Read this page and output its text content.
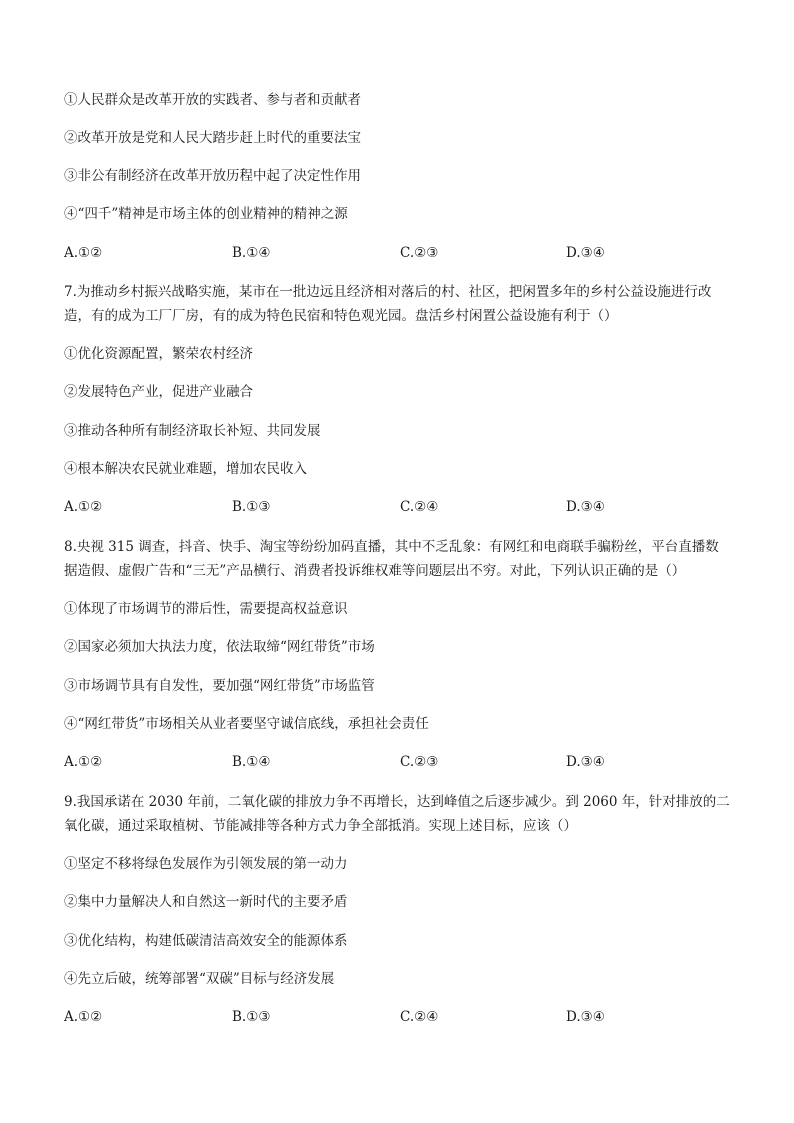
①人民群众是改革开放的实践者、参与者和贡献者
②改革开放是党和人民大踏步赶上时代的重要法宝
③非公有制经济在改革开放历程中起了决定性作用
④“四千”精神是市场主体的创业精神的精神之源
A.①②	B.①④	C.②③	D.③④
7.为推动乡村振兴战略实施，某市在一批边远且经济相对落后的村、社区，把闲置多年的乡村公益设施进行改
造，有的成为工厂厂房，有的成为特色民宿和特色观光园。盘活乡村闲置公益设施有利于（）
①优化资源配置，繁荣农村经济
②发展特色产业，促进产业融合
③推动各种所有制经济取长补短、共同发展
④根本解决农民就业难题，增加农民收入
A.①②	B.①③	C.②④	D.③④
8.央视 315 调查，抖音、快手、淘宝等纷纷加码直播，其中不乏乱象：有网红和电商联手骗粉丝，平台直播数
据造假、虚假广告和“三无”产品横行、消费者投诉维权难等问题层出不穷。对此，下列认识正确的是（）
①体现了市场调节的滞后性，需要提高权益意识
②国家必须加大执法力度，依法取缔“网红带货”市场
③市场调节具有自发性，要加强“网红带货”市场监管
④“网红带货”市场相关从业者要坚守诚信底线，承担社会责任
A.①②	B.①④	C.②③	D.③④
9.我国承诺在 2030 年前，二氧化碳的排放力争不再增长，达到峰值之后逐步减少。到 2060 年，针对排放的二
氧化碳，通过采取植树、节能减排等各种方式力争全部抵消。实现上述目标，应该（）
①坚定不移将绿色发展作为引领发展的第一动力
②集中力量解决人和自然这一新时代的主要矛盾
③优化结构，构建低碳清洁高效安全的能源体系
④先立后破，统筹部署“双碳”目标与经济发展
A.①②	B.①③	C.②④	D.③④
